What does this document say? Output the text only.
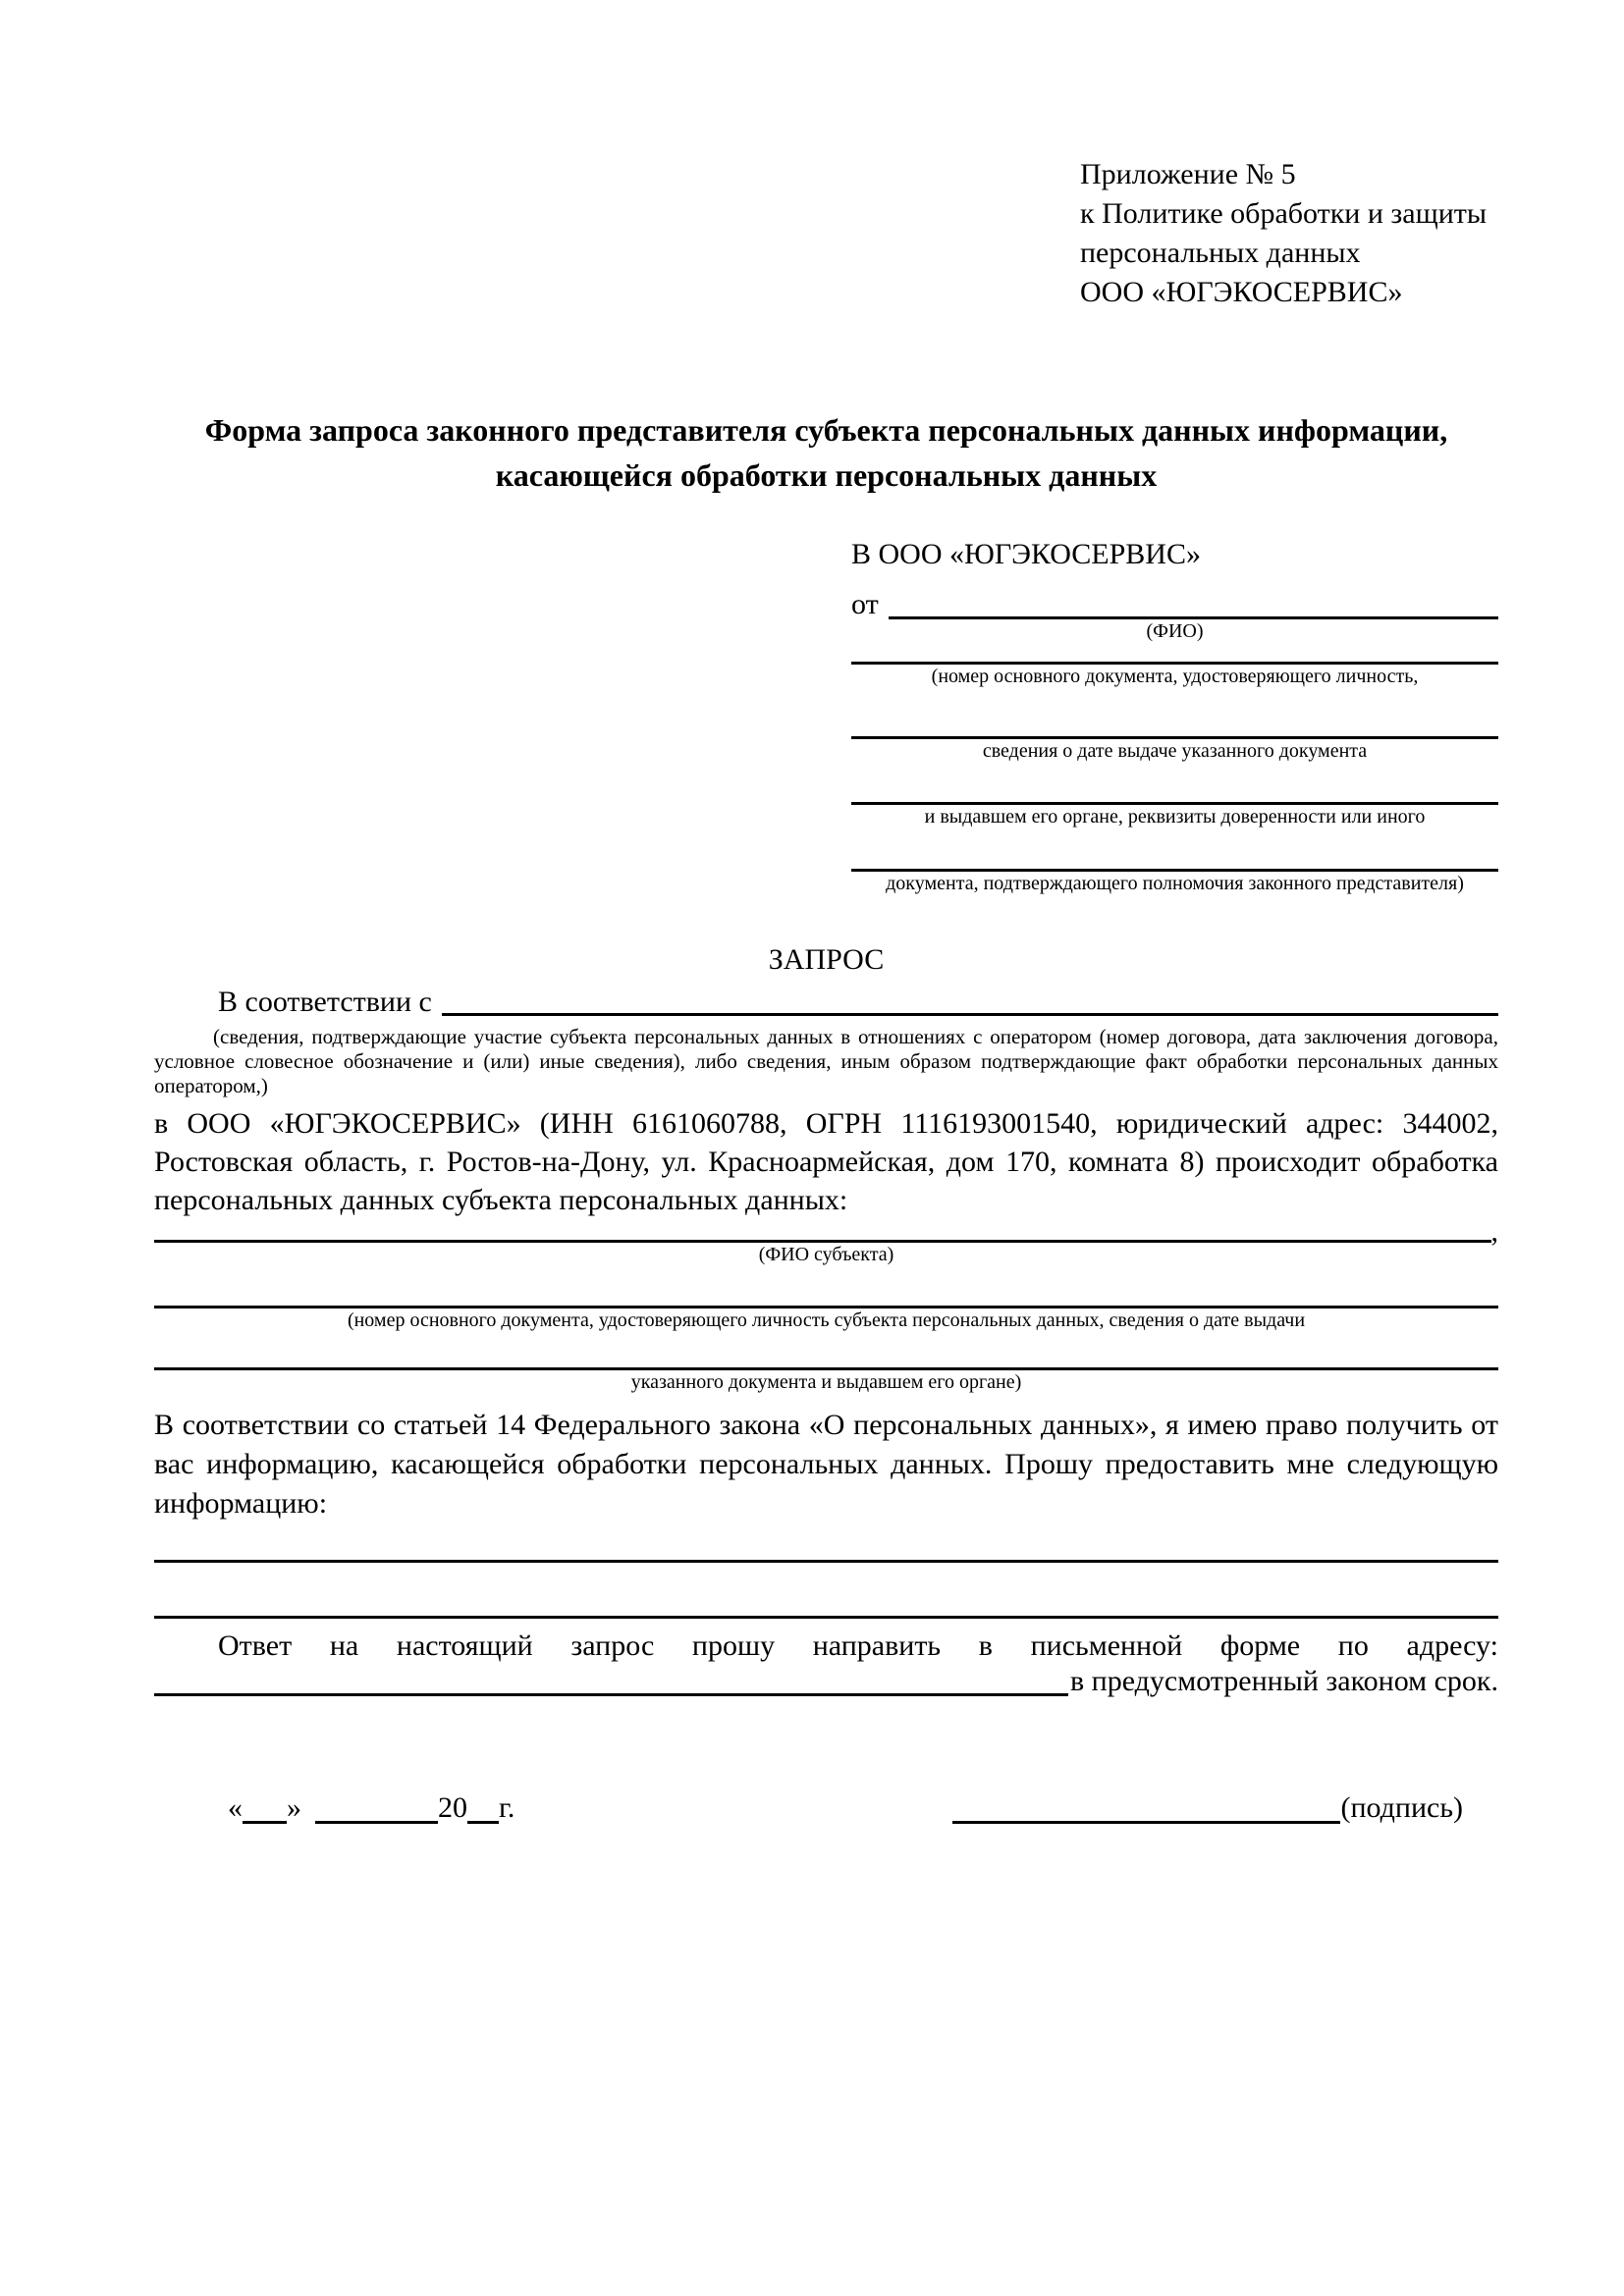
Приложение № 5
к Политике обработки и защиты
персональных данных
ООО «ЮГЭКОСЕРВИС»
Форма запроса законного представителя субъекта персональных данных информации, касающейся обработки персональных данных
В ООО «ЮГЭКОСЕРВИС»
от
(ФИО)
(номер основного документа, удостоверяющего личность,
сведения о дате выдаче указанного документа
и выдавшем его органе, реквизиты доверенности или иного
документа, подтверждающего полномочия законного представителя)
ЗАПРОС
В соответствии с
(сведения, подтверждающие участие субъекта персональных данных в отношениях с оператором (номер договора, дата заключения договора, условное словесное обозначение и (или) иные сведения), либо сведения, иным образом подтверждающие факт обработки персональных данных оператором,)
в ООО «ЮГЭКОСЕРВИС» (ИНН 6161060788, ОГРН 1116193001540, юридический адрес: 344002, Ростовская область, г. Ростов-на-Дону, ул. Красноармейская, дом 170, комната 8) происходит обработка персональных данных субъекта персональных данных:
,
(ФИО субъекта)
(номер основного документа, удостоверяющего личность субъекта персональных данных, сведения о дате выдачи
указанного документа и выдавшем его органе)
В соответствии со статьей 14 Федерального закона «О персональных данных», я имею право получить от вас информацию, касающейся обработки персональных данных. Прошу предоставить мне следующую информацию:
Ответ на настоящий запрос прошу направить в письменной форме по адресу:
в предусмотренный законом срок.
« »	20 г.	(подпись)
